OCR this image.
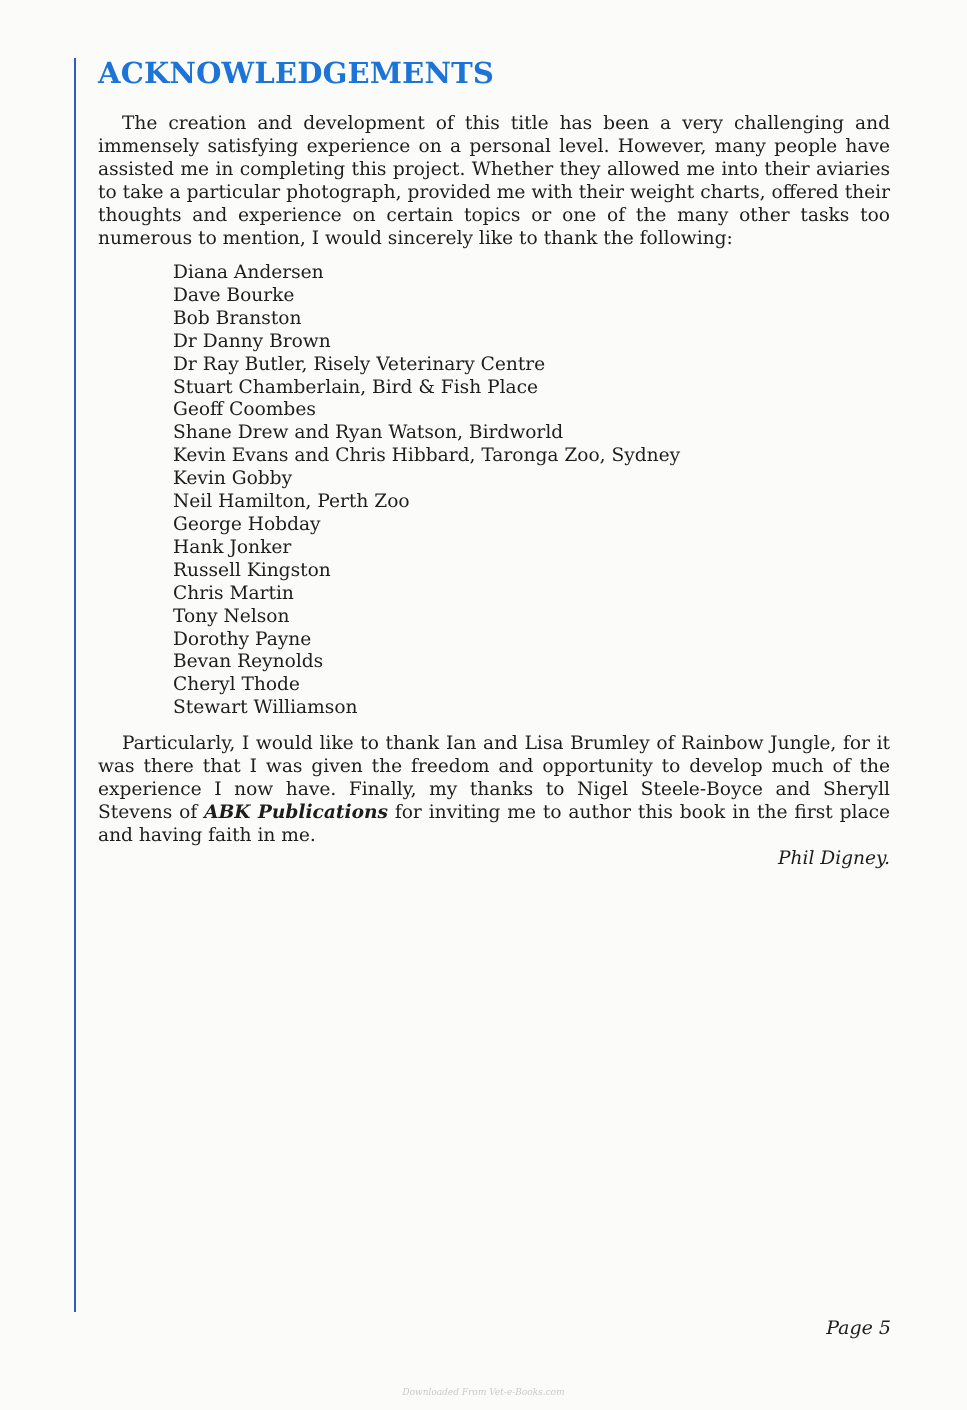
ACKNOWLEDGEMENTS

The creation and development of this title has been a very challenging and immensely satisfying experience on a personal level. However, many people have assisted me in completing this project. Whether they allowed me into their aviaries to take a particular photograph, provided me with their weight charts, offered their thoughts and experience on certain topics or one of the many other tasks too numerous to mention, I would sincerely like to thank the following:

Diana Andersen
Dave Bourke
Bob Branston
Dr Danny Brown
Dr Ray Butler, Risely Veterinary Centre
Stuart Chamberlain, Bird & Fish Place
Geoff Coombes
Shane Drew and Ryan Watson, Birdworld
Kevin Evans and Chris Hibbard, Taronga Zoo, Sydney
Kevin Gobby
Neil Hamilton, Perth Zoo
George Hobday
Hank Jonker
Russell Kingston
Chris Martin
Tony Nelson
Dorothy Payne
Bevan Reynolds
Cheryl Thode
Stewart Williamson

Particularly, I would like to thank Ian and Lisa Brumley of Rainbow Jungle, for it was there that I was given the freedom and opportunity to develop much of the experience I now have. Finally, my thanks to Nigel Steele-Boyce and Sheryll Stevens of ABK Publications for inviting me to author this book in the first place and having faith in me.

Phil Digney.

Page 5
Downloaded From Vet-e-Books.com
